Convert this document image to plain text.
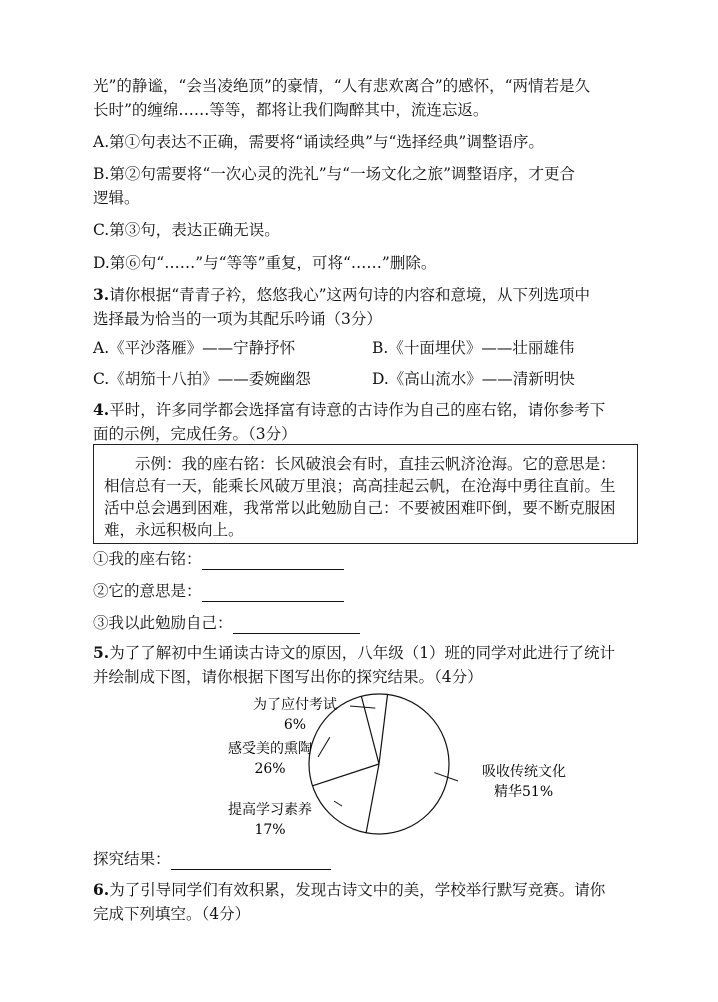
光”的静谧，“会当凌绝顶”的豪情，“人有悲欢离合”的感怀，“两情若是久
长时”的缠绵……等等，都将让我们陶醉其中，流连忘返。
A.第①句表达不正确，需要将“诵读经典”与“选择经典”调整语序。
B.第②句需要将“一次心灵的洗礼”与“一场文化之旅”调整语序，才更合
逻辑。
C.第③句，表达正确无误。
D.第⑥句“……”与“等等”重复，可将“……”删除。
3.请你根据“青青子衿，悠悠我心”这两句诗的内容和意境，从下列选项中
选择最为恰当的一项为其配乐吟诵（3分）
A.《平沙落雁》——宁静抒怀	B.《十面埋伏》——壮丽雄伟
C.《胡笳十八拍》——委婉幽怨	D.《高山流水》——清新明快
4.平时，许多同学都会选择富有诗意的古诗作为自己的座右铭，请你参考下
面的示例，完成任务。（3分）
示例：我的座右铭：长风破浪会有时，直挂云帆济沧海。它的意思是：相信总有一天，能乘长风破万里浪；高高挂起云帆，在沧海中勇往直前。生活中总会遇到困难，我常常以此勉励自己：不要被困难吓倒，要不断克服困难，永远积极向上。
①我的座右铭：
②它的意思是：
③我以此勉励自己：
5.为了了解初中生诵读古诗文的原因，八年级（1）班的同学对此进行了统计
并绘制成下图，请你根据下图写出你的探究结果。（4分）
吸收传统文化
精华51%
提高学习素养
17%
感受美的熏陶
26%
为了应付考试
6%
探究结果：
6.为了引导同学们有效积累，发现古诗文中的美，学校举行默写竞赛。请你
完成下列填空。（4分）
